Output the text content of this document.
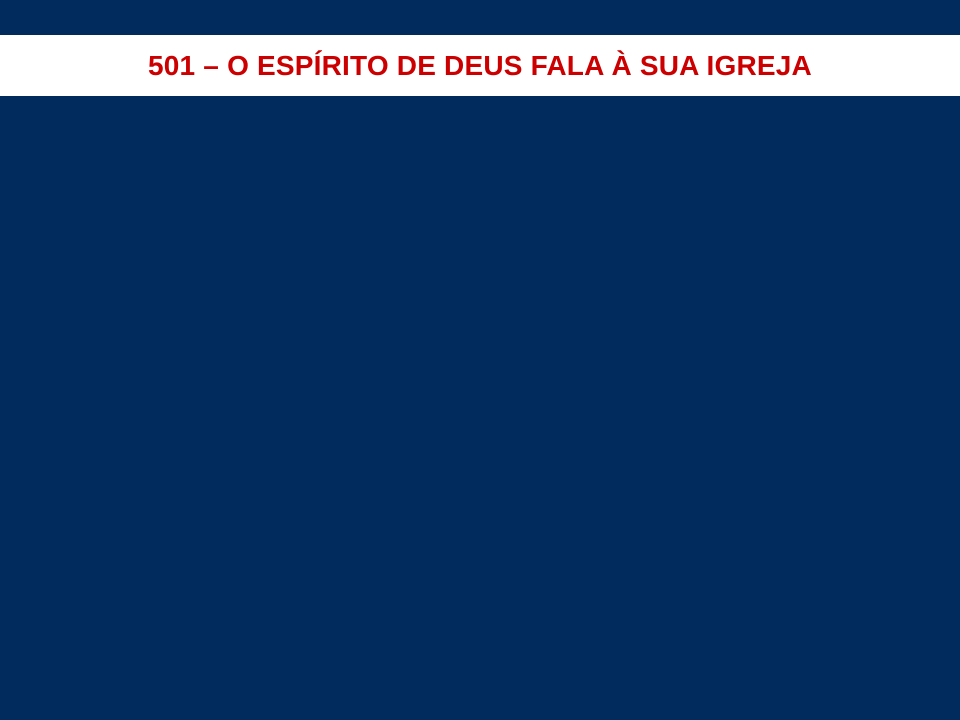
501 – O ESPÍRITO DE DEUS FALA À SUA IGREJA
